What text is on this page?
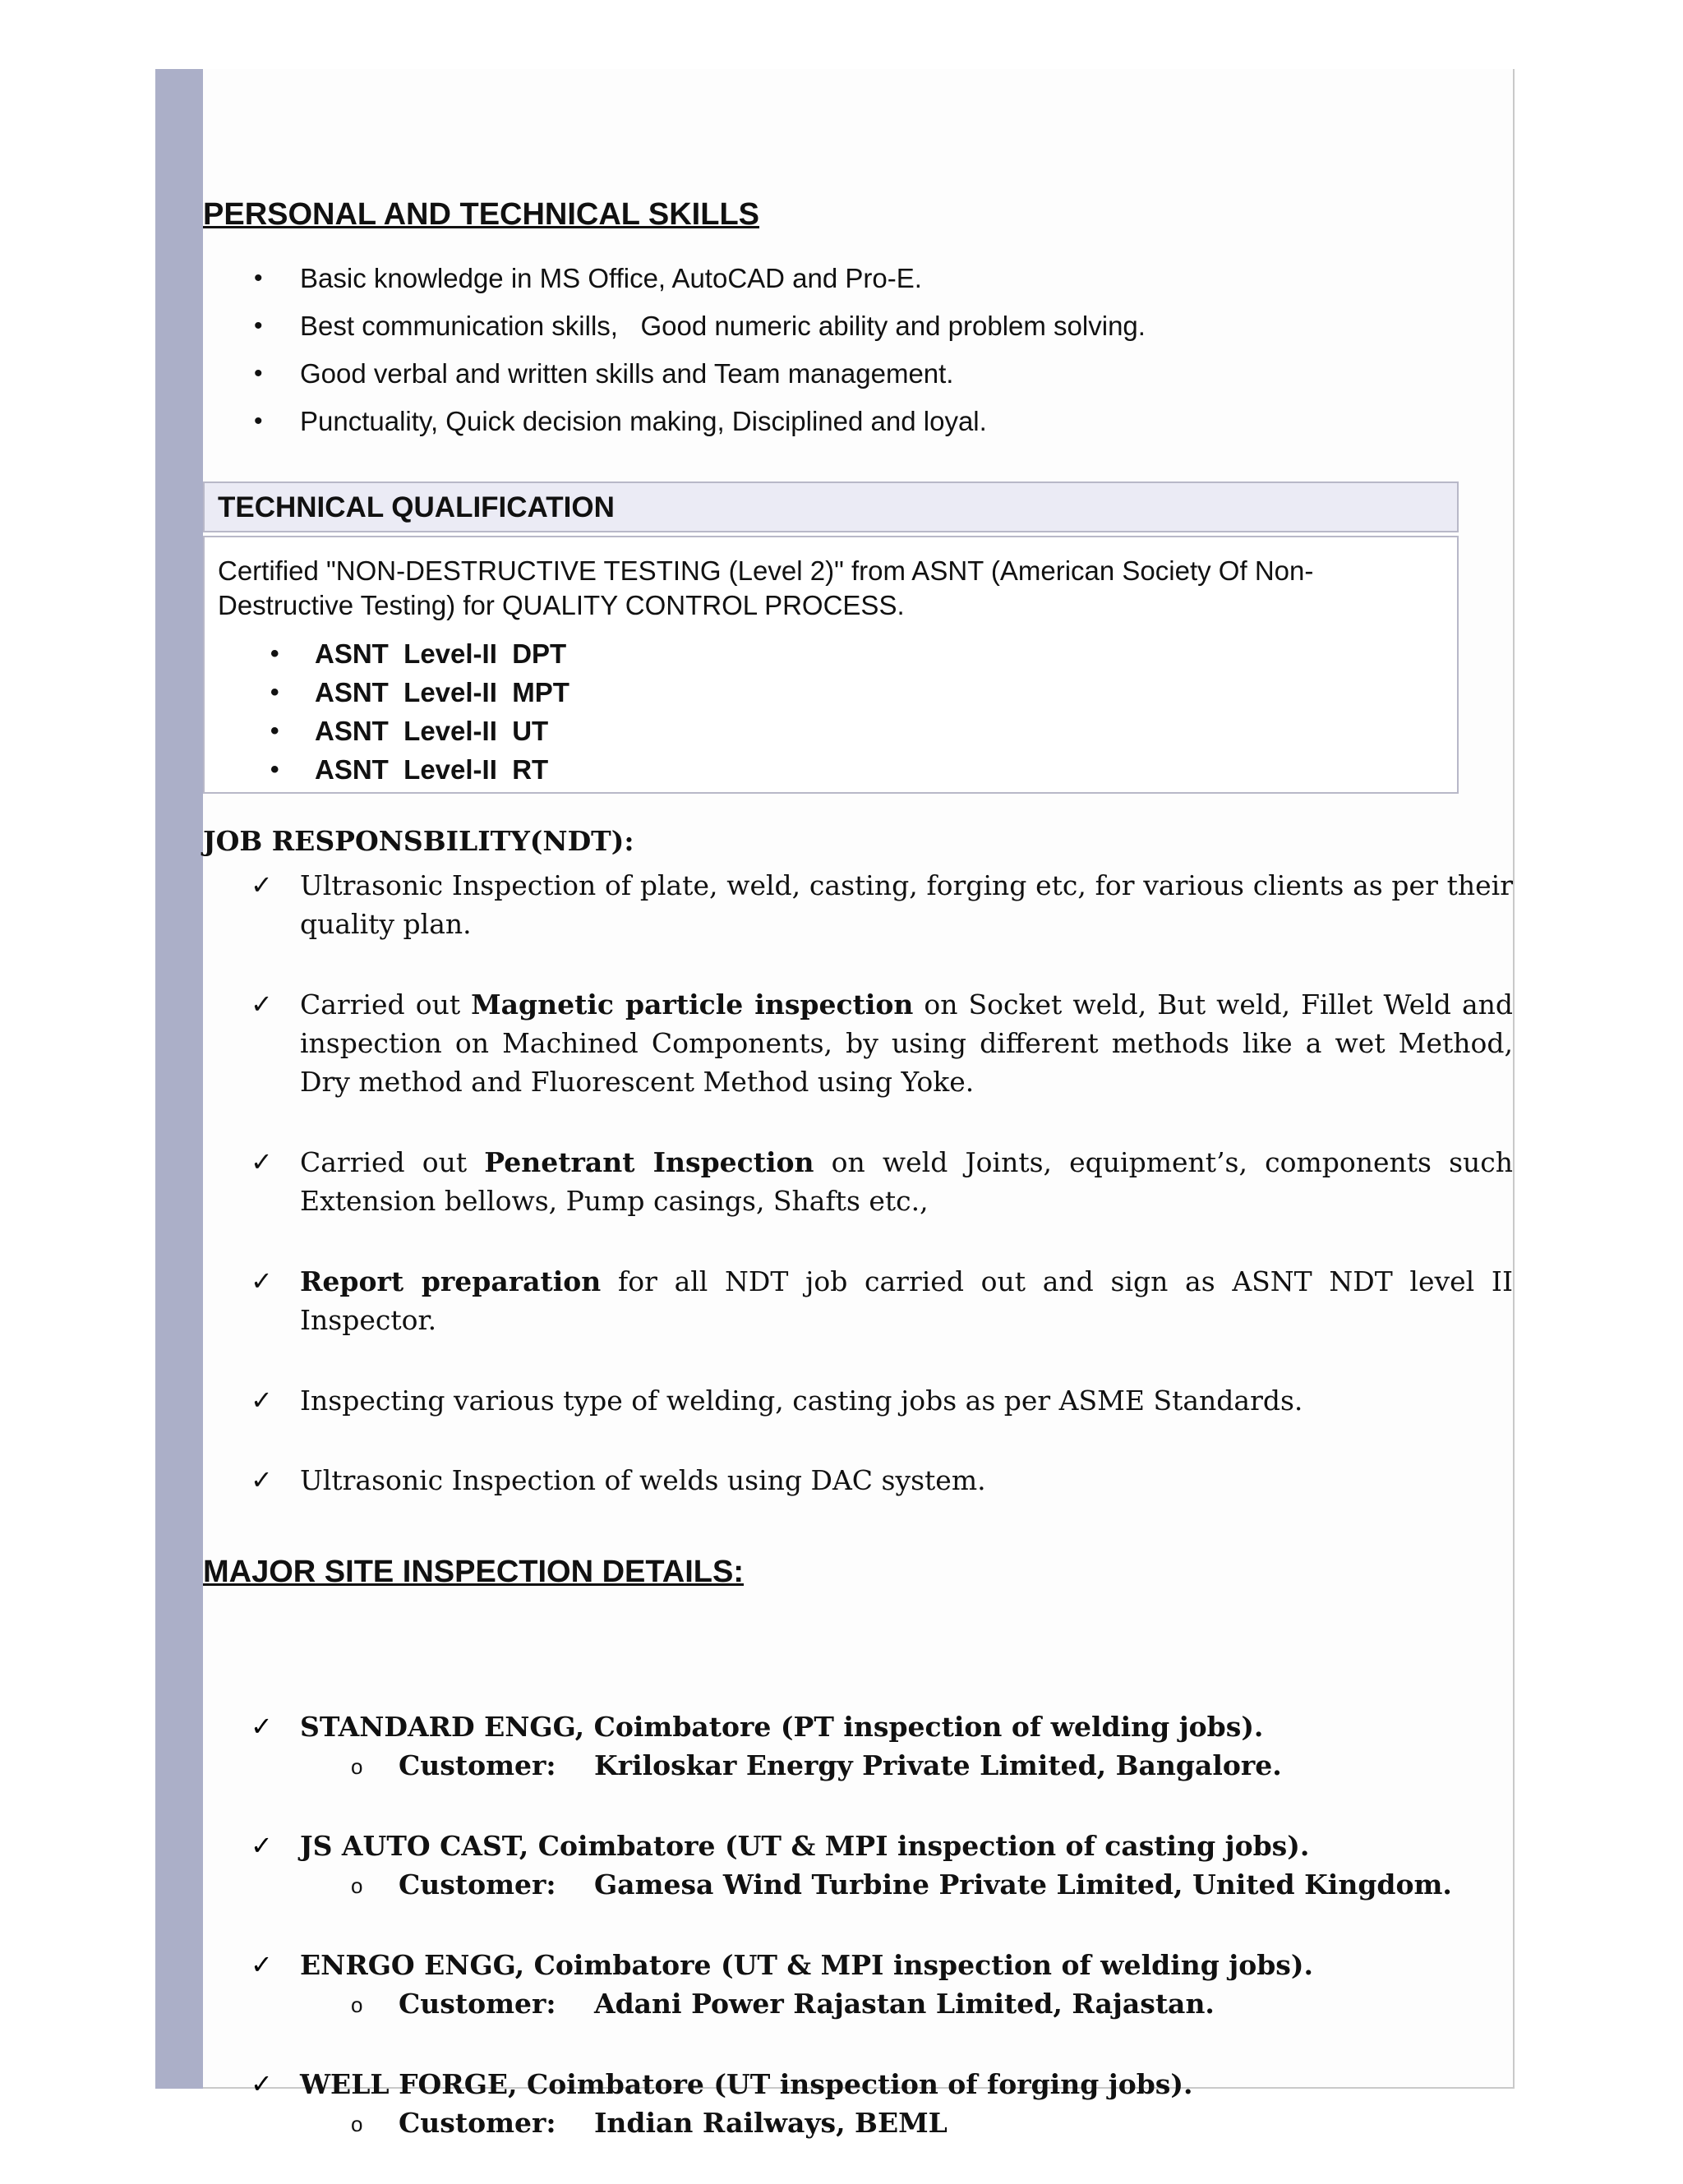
PERSONAL AND TECHNICAL SKILLS
• Basic knowledge in MS Office, AutoCAD and Pro-E.
• Best communication skills,   Good numeric ability and problem solving.
• Good verbal and written skills and Team management.
• Punctuality, Quick decision making, Disciplined and loyal.
TECHNICAL QUALIFICATION

Certified "NON-DESTRUCTIVE TESTING (Level 2)" from ASNT (American Society Of Non-Destructive Testing) for QUALITY CONTROL PROCESS.

• ASNT  Level-II  DPT
• ASNT  Level-II  MPT
• ASNT  Level-II  UT
• ASNT  Level-II  RT
JOB RESPONSBILITY(NDT):
✓ Ultrasonic Inspection of plate, weld, casting, forging etc, for various clients as per their quality plan.
✓ Carried out Magnetic particle inspection on Socket weld, But weld, Fillet Weld and inspection on Machined Components, by using different methods like a wet Method, Dry method and Fluorescent Method using Yoke.
✓ Carried out Penetrant Inspection on weld Joints, equipment’s, components such Extension bellows, Pump casings, Shafts etc.,
✓ Report preparation for all NDT job carried out and sign as ASNT NDT level II Inspector.
✓ Inspecting various type of welding, casting jobs as per ASME Standards.
✓ Ultrasonic Inspection of welds using DAC system.
MAJOR SITE INSPECTION DETAILS:
✓ STANDARD ENGG, Coimbatore (PT inspection of welding jobs).
o Customer: Kriloskar Energy Private Limited, Bangalore.
✓ JS AUTO CAST, Coimbatore (UT & MPI inspection of casting jobs).
o Customer: Gamesa Wind Turbine Private Limited, United Kingdom.
✓ ENRGO ENGG, Coimbatore (UT & MPI inspection of welding jobs).
o Customer: Adani Power Rajastan Limited, Rajastan.
✓ WELL FORGE, Coimbatore (UT inspection of forging jobs).
o Customer: Indian Railways, BEML
